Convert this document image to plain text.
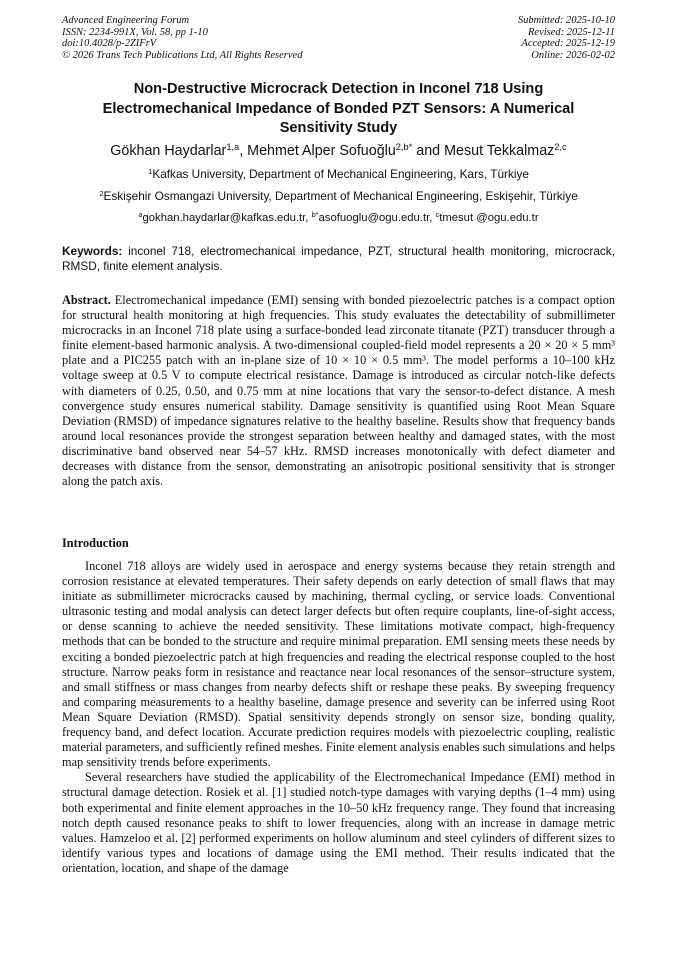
Advanced Engineering Forum
ISSN: 2234-991X, Vol. 58, pp 1-10
doi:10.4028/p-2ZIFrV
© 2026 Trans Tech Publications Ltd, All Rights Reserved
Submitted: 2025-10-10
Revised: 2025-12-11
Accepted: 2025-12-19
Online: 2026-02-02
Non-Destructive Microcrack Detection in Inconel 718 Using
Electromechanical Impedance of Bonded PZT Sensors: A Numerical
Sensitivity Study
Gökhan Haydarlar$^{1,a}$, Mehmet Alper Sofuoğlu$^{2,b*}$ and Mesut Tekkalmaz$^{2,c}$
$^1$Kafkas University, Department of Mechanical Engineering, Kars, Türkiye
$^2$Eskişehir Osmangazi University, Department of Mechanical Engineering, Eskişehir, Türkiye
$^a$gokhan.haydarlar@kafkas.edu.tr, $^{b*}$asofuoglu@ogu.edu.tr, $^c$tmesut @ogu.edu.tr
Keywords: inconel 718, electromechanical impedance, PZT, structural health monitoring, microcrack, RMSD, finite element analysis.
Abstract. Electromechanical impedance (EMI) sensing with bonded piezoelectric patches is a compact option for structural health monitoring at high frequencies. This study evaluates the detectability of submillimeter microcracks in an Inconel 718 plate using a surface-bonded lead zirconate titanate (PZT) transducer through a finite element-based harmonic analysis. A two-dimensional coupled-field model represents a 20 × 20 × 5 mm³ plate and a PIC255 patch with an in-plane size of 10 × 10 × 0.5 mm³. The model performs a 10–100 kHz voltage sweep at 0.5 V to compute electrical resistance. Damage is introduced as circular notch-like defects with diameters of 0.25, 0.50, and 0.75 mm at nine locations that vary the sensor-to-defect distance. A mesh convergence study ensures numerical stability. Damage sensitivity is quantified using Root Mean Square Deviation (RMSD) of impedance signatures relative to the healthy baseline. Results show that frequency bands around local resonances provide the strongest separation between healthy and damaged states, with the most discriminative band observed near 54–57 kHz. RMSD increases monotonically with defect diameter and decreases with distance from the sensor, demonstrating an anisotropic positional sensitivity that is stronger along the patch axis.
Introduction

Inconel 718 alloys are widely used in aerospace and energy systems because they retain strength and corrosion resistance at elevated temperatures. Their safety depends on early detection of small flaws that may initiate as submillimeter microcracks caused by machining, thermal cycling, or service loads. Conventional ultrasonic testing and modal analysis can detect larger defects but often require couplants, line-of-sight access, or dense scanning to achieve the needed sensitivity. These limitations motivate compact, high-frequency methods that can be bonded to the structure and require minimal preparation. EMI sensing meets these needs by exciting a bonded piezoelectric patch at high frequencies and reading the electrical response coupled to the host structure. Narrow peaks form in resistance and reactance near local resonances of the sensor–structure system, and small stiffness or mass changes from nearby defects shift or reshape these peaks. By sweeping frequency and comparing measurements to a healthy baseline, damage presence and severity can be inferred using Root Mean Square Deviation (RMSD). Spatial sensitivity depends strongly on sensor size, bonding quality, frequency band, and defect location. Accurate prediction requires models with piezoelectric coupling, realistic material parameters, and sufficiently refined meshes. Finite element analysis enables such simulations and helps map sensitivity trends before experiments.

Several researchers have studied the applicability of the Electromechanical Impedance (EMI) method in structural damage detection. Rosiek et al. [1] studied notch-type damages with varying depths (1–4 mm) using both experimental and finite element approaches in the 10–50 kHz frequency range. They found that increasing notch depth caused resonance peaks to shift to lower frequencies, along with an increase in damage metric values. Hamzeloo et al. [2] performed experiments on hollow aluminum and steel cylinders of different sizes to identify various types and locations of damage using the EMI method. Their results indicated that the orientation, location, and shape of the damage
